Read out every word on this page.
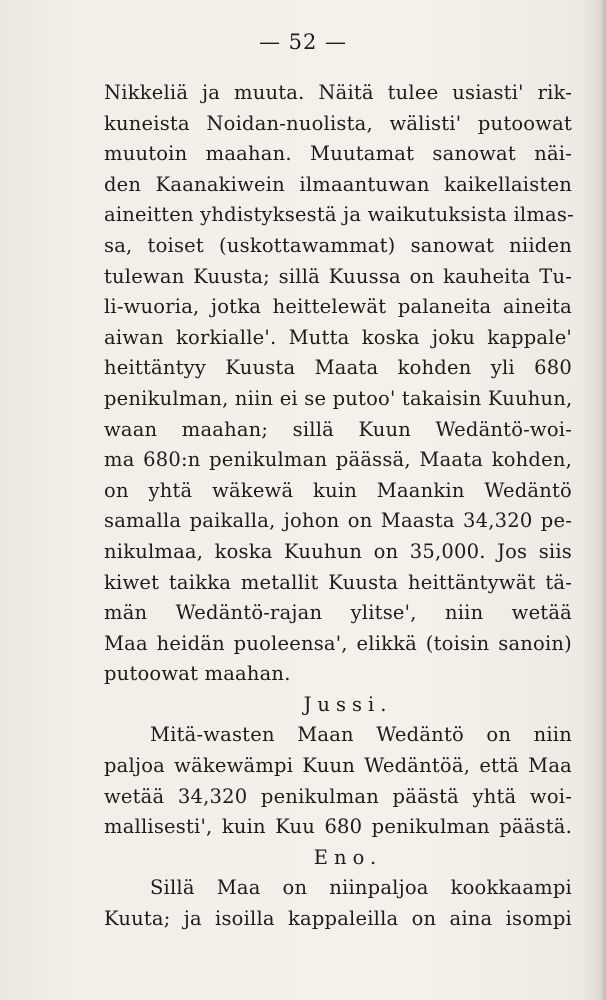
— 52 —
Nikkeliä ja muuta. Näitä tulee usiasti' rik-
kuneista Noidan-nuolista, wälisti' putoowat
muutoin maahan. Muutamat sanowat näi-
den Kaanakiwein ilmaantuwan kaikellaisten
aineitten yhdistyksestä ja waikutuksista ilmas-
sa, toiset (uskottawammat) sanowat niiden
tulewan Kuusta; sillä Kuussa on kauheita Tu-
li-wuoria, jotka heittelewät palaneita aineita
aiwan korkialle'. Mutta koska joku kappale'
heittäntyy Kuusta Maata kohden yli 680
penikulman, niin ei se putoo' takaisin Kuuhun,
waan maahan; sillä Kuun Wedäntö-woi-
ma 680:n penikulman päässä, Maata kohden,
on yhtä wäkewä kuin Maankin Wedäntö
samalla paikalla, johon on Maasta 34,320 pe-
nikulmaa, koska Kuuhun on 35,000. Jos siis
kiwet taikka metallit Kuusta heittäntywät tä-
män Wedäntö-rajan ylitse', niin wetää
Maa heidän puoleensa', elikkä (toisin sanoin)
putoowat maahan.
Jussi.
Mitä-wasten Maan Wedäntö on niin
paljoa wäkewämpi Kuun Wedäntöä, että Maa
wetää 34,320 penikulman päästä yhtä woi-
mallisesti', kuin Kuu 680 penikulman päästä.
Eno.
Sillä Maa on niinpaljoa kookkaampi
Kuuta; ja isoilla kappaleilla on aina isompi
